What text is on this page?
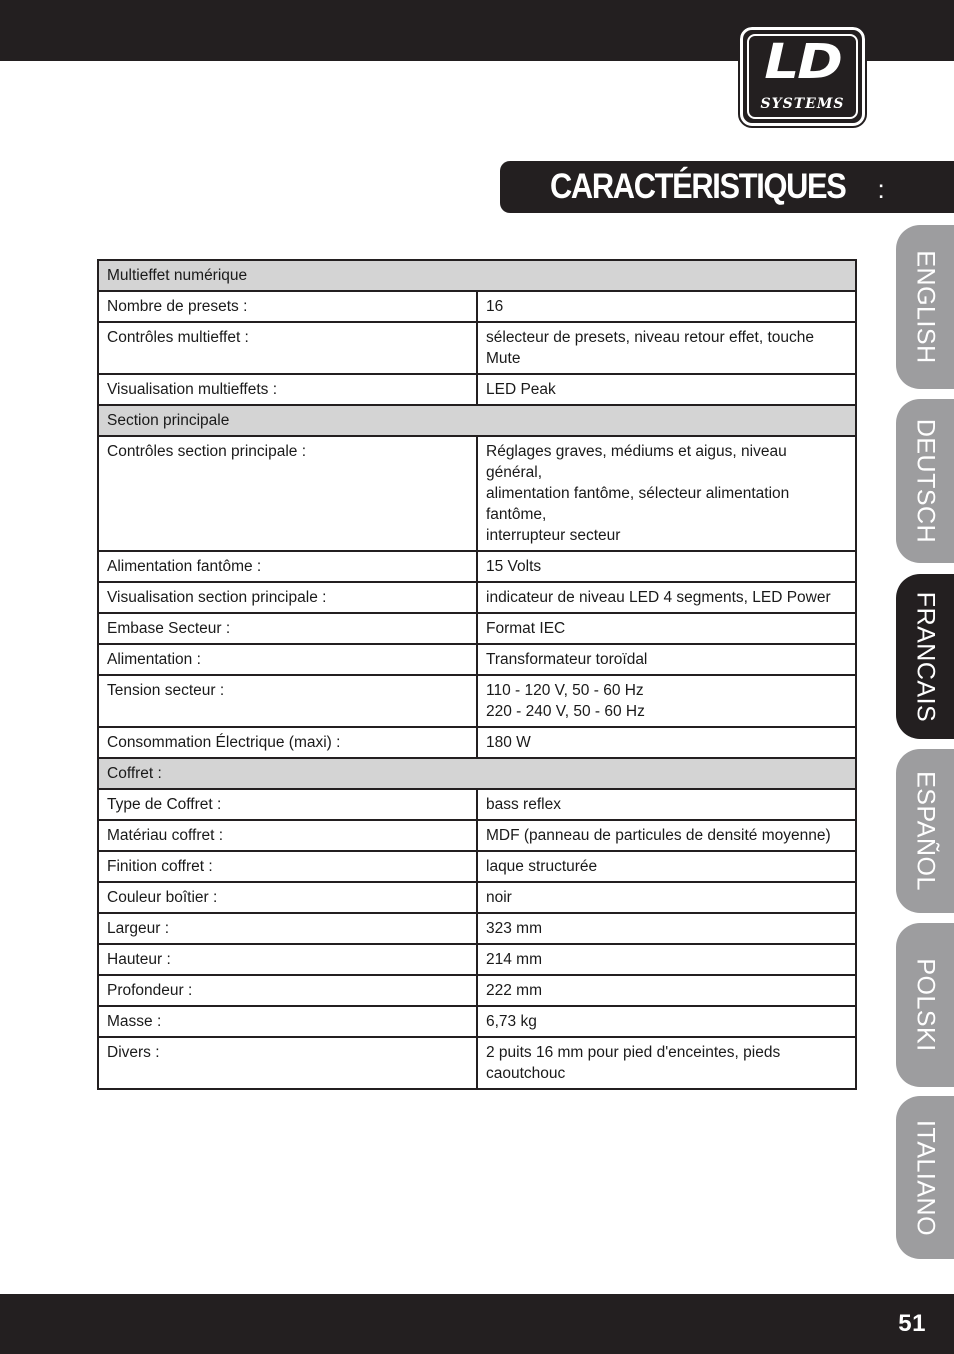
LD
SYSTEMS
CARACTÉRISTIQUES :
Multieffet numérique	
Nombre de presets :	16
Contrôles multieffet :	sélecteur de presets, niveau retour effet, touche Mute
Visualisation multieffets :	LED Peak
Section principale	
Contrôles section principale :	Réglages graves, médiums et aigus, niveau général,
alimentation fantôme, sélecteur alimentation fantôme,
interrupteur secteur
Alimentation fantôme :	15 Volts
Visualisation section principale :	indicateur de niveau LED 4 segments, LED Power
Embase Secteur :	Format IEC
Alimentation :	Transformateur toroïdal
Tension secteur :	110 - 120 V, 50 - 60 Hz
220 - 240 V, 50 - 60 Hz
Consommation Électrique (maxi) :	180 W
Coffret :	
Type de Coffret :	bass reflex
Matériau coffret :	MDF (panneau de particules de densité moyenne)
Finition coffret :	laque structurée
Couleur boîtier :	noir
Largeur :	323 mm
Hauteur :	214 mm
Profondeur :	222 mm
Masse :	6,73 kg
Divers :	2 puits 16 mm pour pied d'enceintes, pieds caoutchouc
ENGLISH
DEUTSCH
FRANCAIS
ESPAÑOL
POLSKI
ITALIANO
51
